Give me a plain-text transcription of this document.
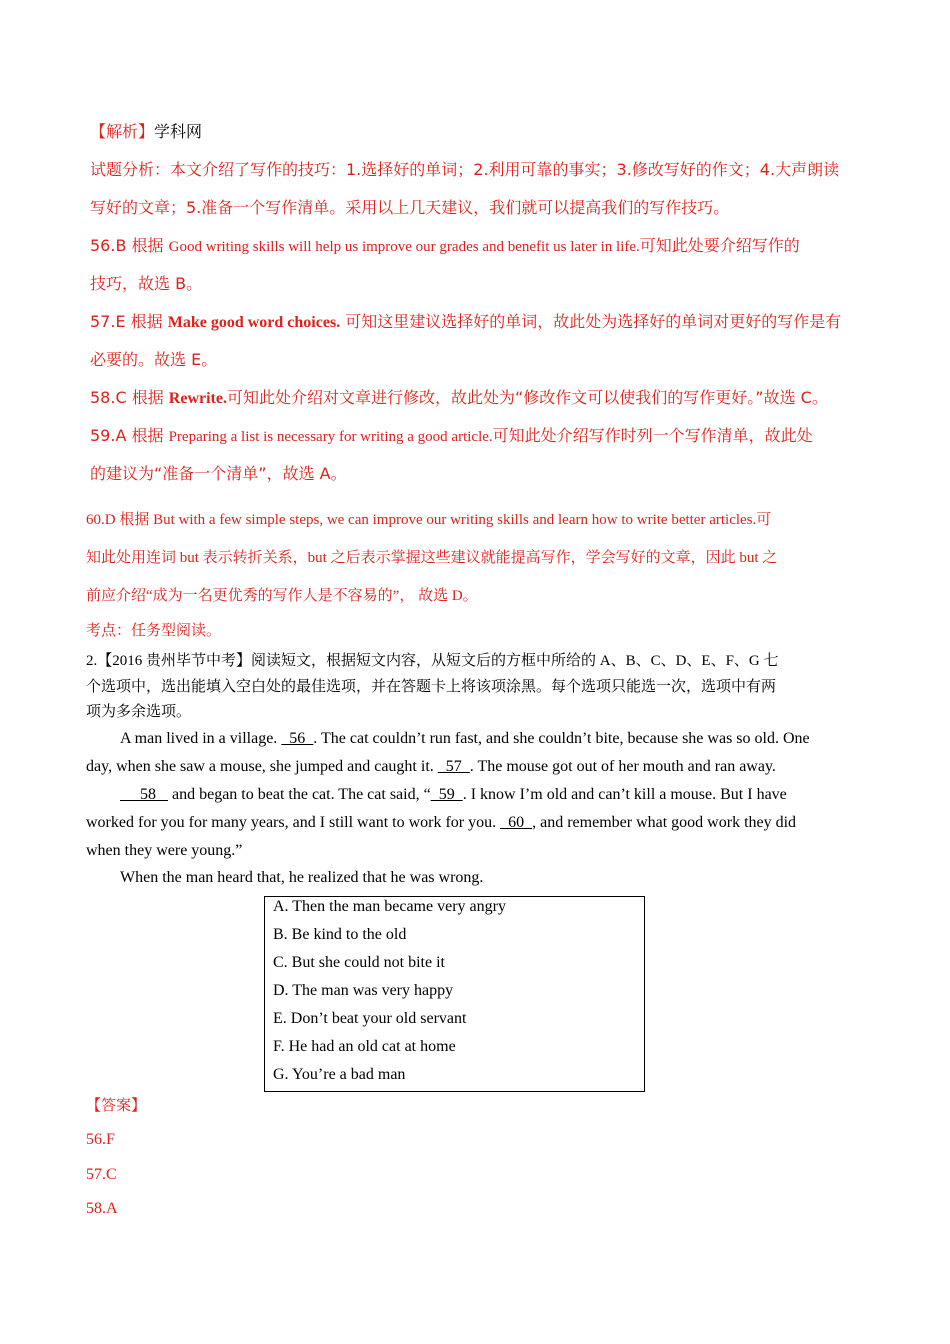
【解析】学科网
试题分析：本文介绍了写作的技巧：1.选择好的单词；2.利用可靠的事实；3.修改写好的作文；4.大声朗读
写好的文章；5.准备一个写作清单。采用以上几天建议，我们就可以提高我们的写作技巧。
56.B 根据 Good writing skills will help us improve our grades and benefit us later in life.可知此处要介绍写作的
技巧，故选 B。
57.E 根据 Make good word choices. 可知这里建议选择好的单词，故此处为选择好的单词对更好的写作是有
必要的。故选 E。
58.C 根据 Rewrite.可知此处介绍对文章进行修改，故此处为“修改作文可以使我们的写作更好。”故选 C。
59.A 根据 Preparing a list is necessary for writing a good article.可知此处介绍写作时列一个写作清单，故此处
的建议为“准备一个清单”，故选 A。
60.D 根据 But with a few simple steps, we can improve our writing skills and learn how to write better articles.可
知此处用连词 but 表示转折关系，but 之后表示掌握这些建议就能提高写作，学会写好的文章，因此 but 之
前应介绍“成为一名更优秀的写作人是不容易的”， 故选 D。
考点：任务型阅读。
2.【2016 贵州毕节中考】阅读短文，根据短文内容，从短文后的方框中所给的 A、B、C、D、E、F、G 七
个选项中，选出能填入空白处的最佳选项，并在答题卡上将该项涂黑。每个选项只能选一次，选项中有两
项为多余选项。
A man lived in a village.   56  . The cat couldn’t run fast, and she couldn’t bite, because she was so old. One
day, when she saw a mouse, she jumped and caught it.   57  . The mouse got out of her mouth and ran away.
58    and began to beat the cat. The cat said, “  59  . I know I’m old and can’t kill a mouse. But I have
worked for you for many years, and I still want to work for you.   60  , and remember what good work they did
when they were young.”
When the man heard that, he realized that he was wrong.
A. Then the man became very angry
B. Be kind to the old
C. But she could not bite it
D. The man was very happy
E. Don’t beat your old servant
F. He had an old cat at home
G. You’re a bad man
【答案】
56.F
57.C
58.A
